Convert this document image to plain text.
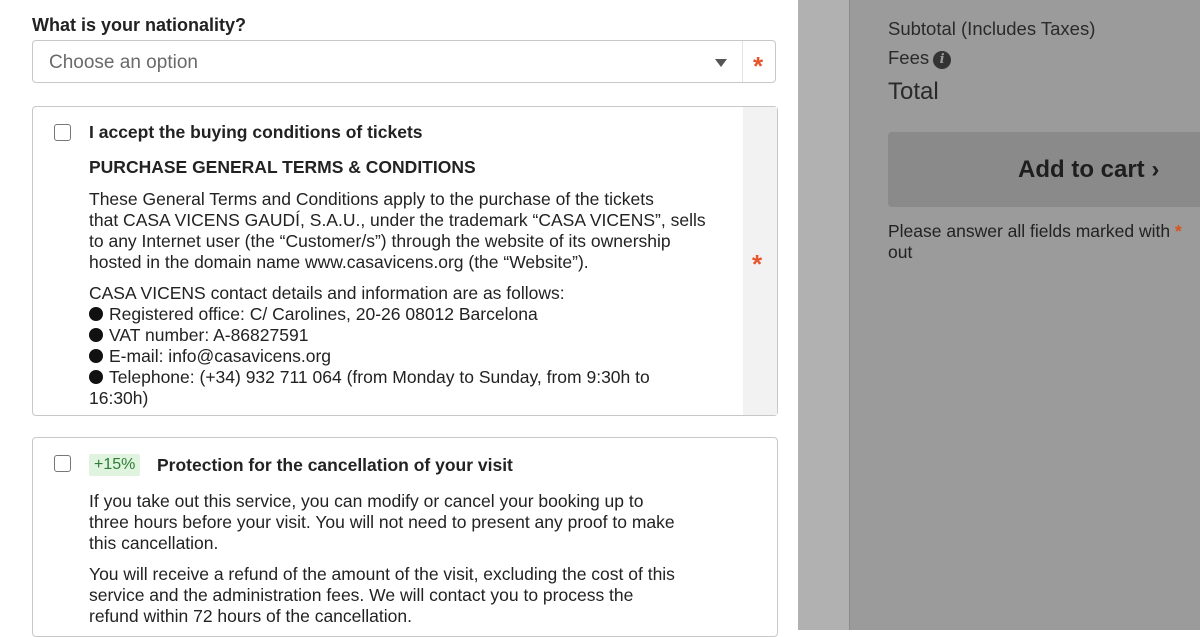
What is your nationality?
Choose an option	*
I accept the buying conditions of tickets
PURCHASE GENERAL TERMS & CONDITIONS
These General Terms and Conditions apply to the purchase of the tickets
that CASA VICENS GAUDÍ, S.A.U., under the trademark “CASA VICENS”, sells
to any Internet user (the “Customer/s”) through the website of its ownership
hosted in the domain name www.casavicens.org (the “Website”).
CASA VICENS contact details and information are as follows:
Registered office: C/ Carolines, 20-26 08012 Barcelona
VAT number: A-86827591
E-mail: info@casavicens.org
Telephone: (+34) 932 711 064 (from Monday to Sunday, from 9:30h to
16:30h)
*
+15% Protection for the cancellation of your visit
If you take out this service, you can modify or cancel your booking up to
three hours before your visit. You will not need to present any proof to make
this cancellation.
You will receive a refund of the amount of the visit, excluding the cost of this
service and the administration fees. We will contact you to process the
refund within 72 hours of the cancellation.
Subtotal (Includes Taxes)
Fees i
Total
Add to cart ›
Please answer all fields marked with *
out
